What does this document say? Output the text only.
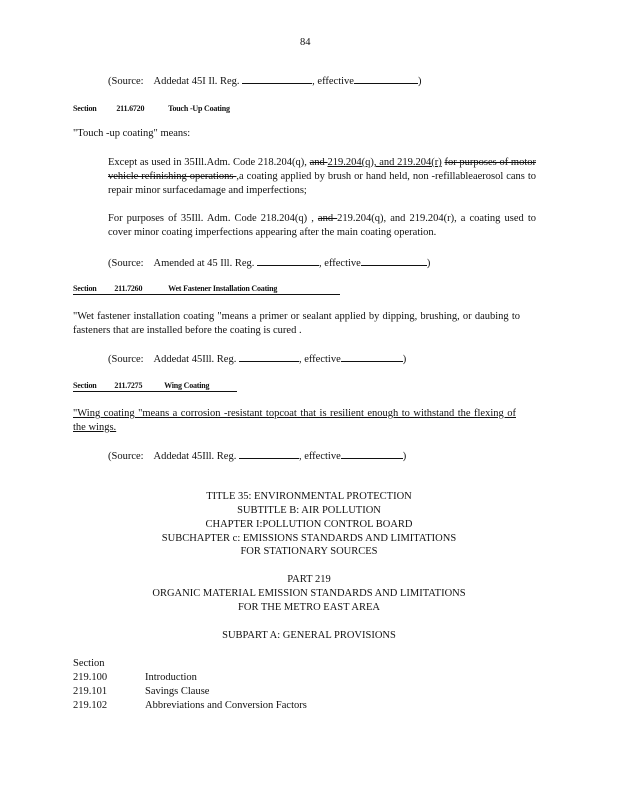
84
(Source: Addedat 45I Il. Reg.	, effective	)
Section 211.6720	Touch -Up Coating
"Touch -up coating" means:
Except as used in 35Ill.Adm. Code 218.204(q), and 219.204(q), and 219.204(r) for purposes of motor vehicle refinishing operations ,a coating applied by brush or hand held, non -refillableaerosol cans to repair minor surfacedamage and imperfections;
For purposes of 35Ill. Adm. Code 218.204(q) , and 219.204(q), and 219.204(r), a coating used to cover minor coating imperfections appearing after the main coating operation.
(Source: Amended at 45 Ill. Reg.	, effective	)
Section 211.7260	Wet Fastener Installation Coating
"Wet fastener installation coating "means a primer or sealant applied by dipping, brushing, or daubing to fasteners that are installed before the coating is cured .
(Source: Addedat 45Ill. Reg.	, effective	)
Section 211.7275	Wing Coating
"Wing coating "means a corrosion -resistant topcoat that is resilient enough to withstand the flexing of the wings.
(Source: Addedat 45Ill. Reg.	, effective	)
TITLE 35: ENVIRONMENTAL PROTECTION
SUBTITLE B: AIR POLLUTION
CHAPTER I:POLLUTION CONTROL BOARD
SUBCHAPTER c: EMISSIONS STANDARDS AND LIMITATIONS
FOR STATIONARY SOURCES
PART 219
ORGANIC MATERIAL EMISSION STANDARDS AND LIMITATIONS
FOR THE METRO EAST AREA
SUBPART A: GENERAL PROVISIONS
Section
219.100	Introduction
219.101	Savings Clause
219.102	Abbreviations and Conversion Factors
